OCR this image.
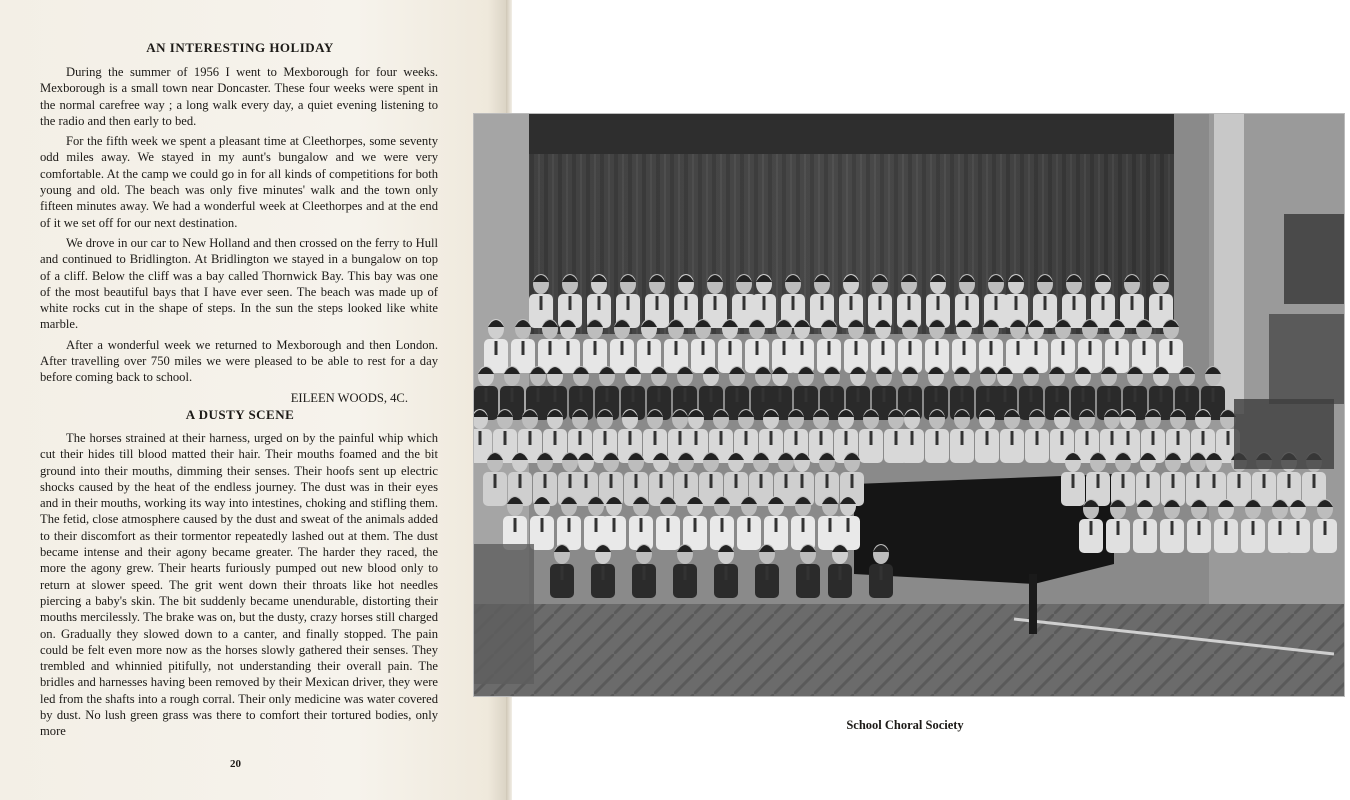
AN INTERESTING HOLIDAY

During the summer of 1956 I went to Mexborough for four weeks. Mexborough is a small town near Doncaster. These four weeks were spent in the normal carefree way ; a long walk every day, a quiet evening listening to the radio and then early to bed.

For the fifth week we spent a pleasant time at Cleethorpes, some seventy odd miles away. We stayed in my aunt's bungalow and we were very comfortable. At the camp we could go in for all kinds of competitions for both young and old. The beach was only five minutes' walk and the town only fifteen minutes away. We had a wonderful week at Cleethorpes and at the end of it we set off for our next destination.

We drove in our car to New Holland and then crossed on the ferry to Hull and continued to Bridlington. At Bridlington we stayed in a bungalow on top of a cliff. Below the cliff was a bay called Thornwick Bay. This bay was one of the most beautiful bays that I have ever seen. The beach was made up of white rocks cut in the shape of steps. In the sun the steps looked like white marble.

After a wonderful week we returned to Mexborough and then London. After travelling over 750 miles we were pleased to be able to rest for a day before coming back to school.

EILEEN WOODS, 4C.

A DUSTY SCENE

The horses strained at their harness, urged on by the painful whip which cut their hides till blood matted their hair. Their mouths foamed and the bit ground into their mouths, dimming their senses. Their hoofs sent up electric shocks caused by the heat of the endless journey. The dust was in their eyes and in their mouths, working its way into intestines, choking and stifling them. The fetid, close atmosphere caused by the dust and sweat of the animals added to their discomfort as their tormentor repeatedly lashed out at them. The dust became intense and their agony became greater. The harder they raced, the more the agony grew. Their hearts furiously pumped out new blood only to return at slower speed. The grit went down their throats like hot needles piercing a baby's skin. The bit suddenly became unendurable, distorting their mouths mercilessly. The brake was on, but the dusty, crazy horses still charged on. Gradually they slowed down to a canter, and finally stopped. The pain could be felt even more now as the horses slowly gathered their senses. They trembled and whinnied pitifully, not understanding their overall pain. The bridles and harnesses having been removed by their Mexican driver, they were led from the shafts into a rough corral. Their only medicine was water covered by dust. No lush green grass was there to comfort their tortured bodies, only more

20

School Choral Society
